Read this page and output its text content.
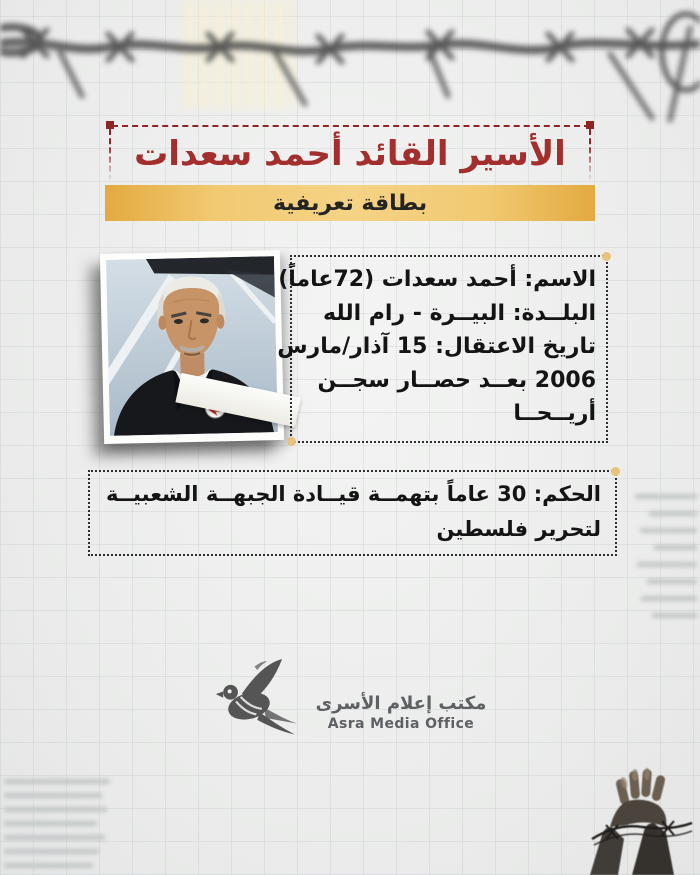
الأسير القائد أحمد سعدات
بطاقة تعريفية
الاسم: أحمد سعدات (72عاماً)
البلــدة: البيــرة - رام الله
تاريخ الاعتقال: 15 آذار/مارس
2006 بعــد حصــار سجــن
أريــحــا
الحكم: 30 عاماً بتهمــة قيــادة الجبهــة الشعبيــة
لتحرير فلسطين
مكتب إعلام الأسرى
Asra Media Office
